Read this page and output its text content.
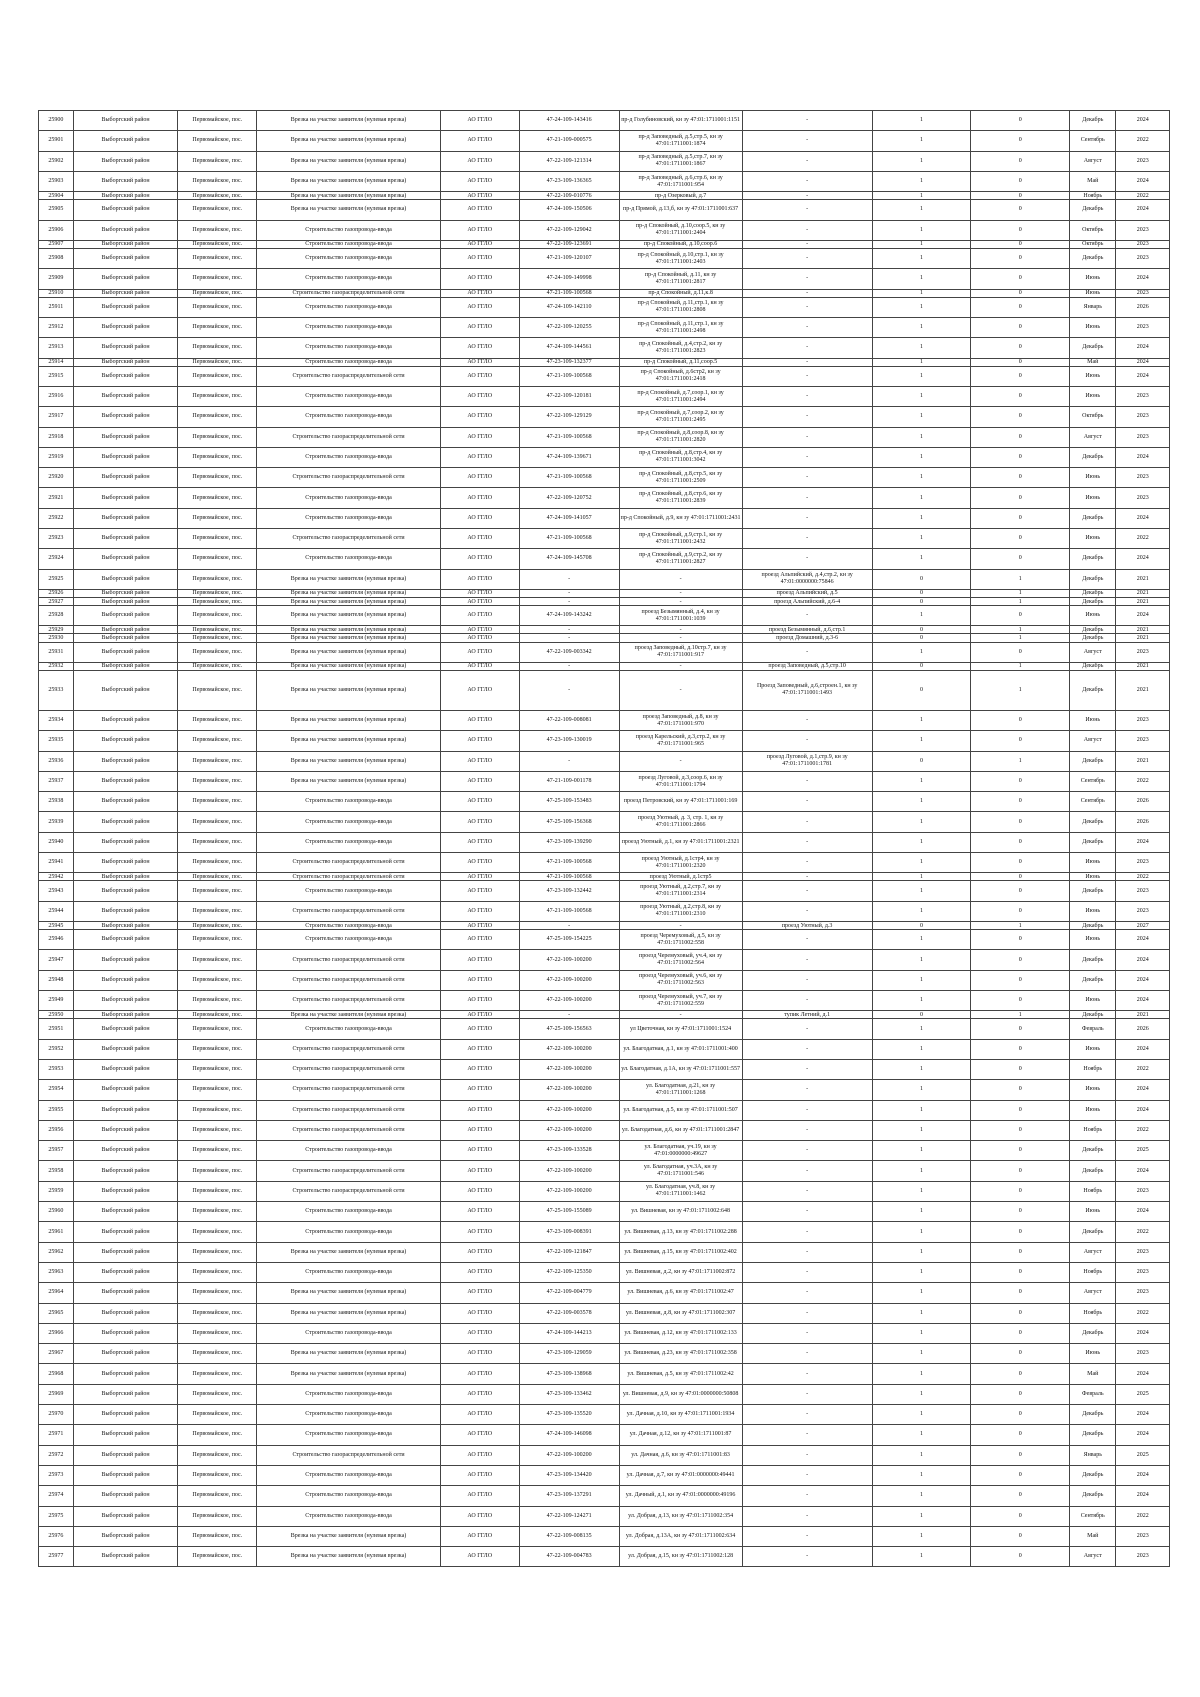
25900	Выборгский район	Первомайское, пос.	Врезка на участке заявителя (нулевая врезка)	АО ГГЛО	47-24-109-143416	пр-д Голубиновский, кн зу 47:01:1711001:1151	-	1	0	Декабрь	2024
25901	Выборгский район	Первомайское, пос.	Врезка на участке заявителя (нулевая врезка)	АО ГГЛО	47-21-109-000575	пр-д Заповедный, д.5,стр.5, кн зу 47:01:1711001:1874	-	1	0	Сентябрь	2022
25902	Выборгский район	Первомайское, пос.	Врезка на участке заявителя (нулевая врезка)	АО ГГЛО	47-22-109-121314	пр-д Заповедный, д.5,стр.7, кн зу 47:01:1711001:1867	-	1	0	Август	2023
25903	Выборгский район	Первомайское, пос.	Врезка на участке заявителя (нулевая врезка)	АО ГГЛО	47-23-109-136365	пр-д Заповедный, д.6,стр.6, кн зу 47:01:1711001:954	-	1	0	Май	2024
25904	Выборгский район	Первомайское, пос.	Врезка на участке заявителя (нулевая врезка)	АО ГГЛО	47-22-109-010776	пр-д Озерковый, д.7	-	1	0	Ноябрь	2022
25905	Выборгский район	Первомайское, пос.	Врезка на участке заявителя (нулевая врезка)	АО ГГЛО	47-24-109-150506	пр-д Прямой, д.13,б, кн зу 47:01:1711001:637	-	1	0	Декабрь	2024
25906	Выборгский район	Первомайское, пос.	Строительство газопровода-ввода	АО ГГЛО	47-22-109-129042	пр-д Спокойный, д.10,соор.5, кн зу 47:01:1711001:2404	-	1	0	Октябрь	2023
25907	Выборгский район	Первомайское, пос.	Строительство газопровода-ввода	АО ГГЛО	47-22-109-123691	пр-д Спокойный, д.10,соор.6	-	1	0	Октябрь	2023
25908	Выборгский район	Первомайское, пос.	Строительство газопровода-ввода	АО ГГЛО	47-21-109-120107	пр-д Спокойный, д.10,стр.1, кн зу 47:01:1711001:2403	-	1	0	Декабрь	2023
25909	Выборгский район	Первомайское, пос.	Строительство газопровода-ввода	АО ГГЛО	47-24-109-149998	пр-д Спокойный, д.11, кн зу 47:01:1711001:2817	-	1	0	Июнь	2024
25910	Выборгский район	Первомайское, пос.	Строительство газораспределительной сети	АО ГГЛО	47-21-109-100568	пр-д Спокойный, д.11,к.8	-	1	0	Июнь	2023
25911	Выборгский район	Первомайское, пос.	Строительство газопровода-ввода	АО ГГЛО	47-24-109-142110	пр-д Спокойный, д.11,стр.1, кн зу 47:01:1711001:2808	-	1	0	Январь	2026
25912	Выборгский район	Первомайское, пос.	Строительство газопровода-ввода	АО ГГЛО	47-22-109-120255	пр-д Спокойный, д.11,стр.1, кн зу 47:01:1711001:2498	-	1	0	Июнь	2023
25913	Выборгский район	Первомайское, пос.	Строительство газопровода-ввода	АО ГГЛО	47-24-109-144561	пр-д Спокойный, д.4,стр.2, кн зу 47:01:1711001:2823	-	1	0	Декабрь	2024
25914	Выборгский район	Первомайское, пос.	Строительство газопровода-ввода	АО ГГЛО	47-23-109-132377	пр-д Спокойный, д.11,соор.5	-	1	0	Май	2024
25915	Выборгский район	Первомайское, пос.	Строительство газораспределительной сети	АО ГГЛО	47-21-109-100568	пр-д Спокойный, д.6стр2, кн зу 47:01:1711001:2418	-	1	0	Июнь	2024
25916	Выборгский район	Первомайское, пос.	Строительство газопровода-ввода	АО ГГЛО	47-22-109-120181	пр-д Спокойный, д.7,соор.1, кн зу 47:01:1711001:2494	-	1	0	Июнь	2023
25917	Выборгский район	Первомайское, пос.	Строительство газопровода-ввода	АО ГГЛО	47-22-109-129129	пр-д Спокойный, д.7,соор.2, кн зу 47:01:1711001:2495	-	1	0	Октябрь	2023
25918	Выборгский район	Первомайское, пос.	Строительство газораспределительной сети	АО ГГЛО	47-21-109-100568	пр-д Спокойный, д.8,соор.8, кн зу 47:01:1711001:2820	-	1	0	Август	2023
25919	Выборгский район	Первомайское, пос.	Строительство газопровода-ввода	АО ГГЛО	47-24-109-139671	пр-д Спокойный, д.8,стр.4, кн зу 47:01:1711001:3042	-	1	0	Декабрь	2024
25920	Выборгский район	Первомайское, пос.	Строительство газораспределительной сети	АО ГГЛО	47-21-109-100568	пр-д Спокойный, д.8,стр.5, кн зу 47:01:1711001:2509	-	1	0	Июнь	2023
25921	Выборгский район	Первомайское, пос.	Строительство газопровода-ввода	АО ГГЛО	47-22-109-120752	пр-д Спокойный, д.8,стр.6, кн зу 47:01:1711001:2839	-	1	0	Июнь	2023
25922	Выборгский район	Первомайское, пос.	Строительство газопровода-ввода	АО ГГЛО	47-24-109-141057	пр-д Спокойный, д.9, кн зу 47:01:1711001:2431	-	1	0	Декабрь	2024
25923	Выборгский район	Первомайское, пос.	Строительство газораспределительной сети	АО ГГЛО	47-21-109-100568	пр-д Спокойный, д.9,стр.1, кн зу 47:01:1711001:2432	-	1	0	Июнь	2022
25924	Выборгский район	Первомайское, пос.	Строительство газопровода-ввода	АО ГГЛО	47-24-109-145708	пр-д Спокойный, д.9,стр.2, кн зу 47:01:1711001:2827	-	1	0	Декабрь	2024
25925	Выборгский район	Первомайское, пос.	Врезка на участке заявителя (нулевая врезка)	АО ГГЛО	-	-	проезд Альпийский, д.4,стр.2, кн зу 47:01:0000000:75846	0	1	Декабрь	2021
25926	Выборгский район	Первомайское, пос.	Врезка на участке заявителя (нулевая врезка)	АО ГГЛО	-	-	проезд Альпийский, д.5	0	1	Декабрь	2021
25927	Выборгский район	Первомайское, пос.	Врезка на участке заявителя (нулевая врезка)	АО ГГЛО	-	-	проезд Альпийский, д.6-4	0	1	Декабрь	2021
25928	Выборгский район	Первомайское, пос.	Врезка на участке заявителя (нулевая врезка)	АО ГГЛО	47-24-109-143242	проезд Безымянный, д.4, кн зу 47:01:1711001:1039	-	1	0	Июнь	2024
25929	Выборгский район	Первомайское, пос.	Врезка на участке заявителя (нулевая врезка)	АО ГГЛО	-	-	проезд Безымянный, д.6,стр.1	0	1	Декабрь	2021
25930	Выборгский район	Первомайское, пос.	Врезка на участке заявителя (нулевая врезка)	АО ГГЛО	-	-	проезд Домашний, д.3-6	0	1	Декабрь	2021
25931	Выборгский район	Первомайское, пос.	Врезка на участке заявителя (нулевая врезка)	АО ГГЛО	47-22-109-003342	проезд Заповедный, д.10стр.7, кн зу 47:01:1711001:917	-	1	0	Август	2023
25932	Выборгский район	Первомайское, пос.	Врезка на участке заявителя (нулевая врезка)	АО ГГЛО	-	-	проезд Заповедный, д.5,стр.10	0	1	Декабрь	2021
25933	Выборгский район	Первомайское, пос.	Врезка на участке заявителя (нулевая врезка)	АО ГГЛО	-	-	Проезд Заповедный, д.6,строен.1, кн зу 47:01:1711001:1493	0	1	Декабрь	2021
25934	Выборгский район	Первомайское, пос.	Врезка на участке заявителя (нулевая врезка)	АО ГГЛО	47-22-109-008081	проезд Заповедный, д.8, кн зу 47:01:1711001:970	-	1	0	Июнь	2023
25935	Выборгский район	Первомайское, пос.	Врезка на участке заявителя (нулевая врезка)	АО ГГЛО	47-23-109-130019	проезд Карельский, д.3,стр.2, кн зу 47:01:1711001:965	-	1	0	Август	2023
25936	Выборгский район	Первомайское, пос.	Врезка на участке заявителя (нулевая врезка)	АО ГГЛО	-	-	проезд Луговой, д.1,стр.9, кн зу 47:01:1711001:1781	0	1	Декабрь	2021
25937	Выборгский район	Первомайское, пос.	Врезка на участке заявителя (нулевая врезка)	АО ГГЛО	47-21-109-001178	проезд Луговой, д.3,соор.6, кн зу 47:01:1711001:1794	-	1	0	Сентябрь	2022
25938	Выборгский район	Первомайское, пос.	Строительство газопровода-ввода	АО ГГЛО	47-25-109-153483	проезд Петровский, кн зу 47:01:1711001:169	-	1	0	Сентябрь	2026
25939	Выборгский район	Первомайское, пос.	Строительство газопровода-ввода	АО ГГЛО	47-25-109-156368	проезд Уютный, д. 3, стр. 1, кн зу 47:01:1711001:2866	-	1	0	Декабрь	2026
25940	Выборгский район	Первомайское, пос.	Строительство газопровода-ввода	АО ГГЛО	47-23-109-139290	проезд Уютный, д.1, кн зу 47:01:1711001:2321	-	1	0	Декабрь	2024
25941	Выборгский район	Первомайское, пос.	Строительство газораспределительной сети	АО ГГЛО	47-21-109-100568	проезд Уютный, д.1стр4, кн зу 47:01:1711001:2320	-	1	0	Июнь	2023
25942	Выборгский район	Первомайское, пос.	Строительство газораспределительной сети	АО ГГЛО	47-21-109-100568	проезд Уютный, д.1стр5	-	1	0	Июнь	2022
25943	Выборгский район	Первомайское, пос.	Строительство газопровода-ввода	АО ГГЛО	47-23-109-132442	проезд Уютный, д.2,стр.7, кн зу 47:01:1711001:2314	-	1	0	Декабрь	2023
25944	Выборгский район	Первомайское, пос.	Строительство газораспределительной сети	АО ГГЛО	47-21-109-100568	проезд Уютный, д.2,стр.8, кн зу 47:01:1711001:2310	-	1	0	Июнь	2023
25945	Выборгский район	Первомайское, пос.	Строительство газопровода-ввода	АО ГГЛО	-	-	проезд Уютный, д.3	0	1	Декабрь	2027
25946	Выборгский район	Первомайское, пос.	Строительство газопровода-ввода	АО ГГЛО	47-25-109-154225	проезд Черемуховый, д.5, кн зу 47:01:1711002:558	-	1	0	Июнь	2024
25947	Выборгский район	Первомайское, пос.	Строительство газораспределительной сети	АО ГГЛО	47-22-109-100200	проезд Черемуховый, уч.4, кн зу 47:01:1711002:564	-	1	0	Декабрь	2024
25948	Выборгский район	Первомайское, пос.	Строительство газораспределительной сети	АО ГГЛО	47-22-109-100200	проезд Черемуховый, уч.6, кн зу 47:01:1711002:563	-	1	0	Декабрь	2024
25949	Выборгский район	Первомайское, пос.	Строительство газораспределительной сети	АО ГГЛО	47-22-109-100200	проезд Черемуховый, уч.7, кн зу 47:01:1711002:559	-	1	0	Июнь	2024
25950	Выборгский район	Первомайское, пос.	Врезка на участке заявителя (нулевая врезка)	АО ГГЛО	-	-	тупик Летний, д.1	0	1	Декабрь	2021
25951	Выборгский район	Первомайское, пос.	Строительство газопровода-ввода	АО ГГЛО	47-25-109-156563	ул Цветочная, кн зу 47:01:1711001:1524	-	1	0	Февраль	2026
25952	Выборгский район	Первомайское, пос.	Строительство газораспределительной сети	АО ГГЛО	47-22-109-100200	ул. Благодатная, д.1, кн зу 47:01:1711001:400	-	1	0	Июнь	2024
25953	Выборгский район	Первомайское, пос.	Строительство газораспределительной сети	АО ГГЛО	47-22-109-100200	ул. Благодатная, д.1А, кн зу 47:01:1711001:557	-	1	0	Ноябрь	2022
25954	Выборгский район	Первомайское, пос.	Строительство газораспределительной сети	АО ГГЛО	47-22-109-100200	ул. Благодатная, д.21, кн зу 47:01:1711001:1268	-	1	0	Июнь	2024
25955	Выборгский район	Первомайское, пос.	Строительство газораспределительной сети	АО ГГЛО	47-22-109-100200	ул. Благодатная, д.5, кн зу 47:01:1711001:507	-	1	0	Июнь	2024
25956	Выборгский район	Первомайское, пос.	Строительство газораспределительной сети	АО ГГЛО	47-22-109-100200	ул. Благодатная, д.6, кн зу 47:01:1711001:2847	-	1	0	Ноябрь	2022
25957	Выборгский район	Первомайское, пос.	Строительство газопровода-ввода	АО ГГЛО	47-23-109-133528	ул. Благодатная, уч.19, кн зу 47:01:0000000:49627	-	1	0	Декабрь	2025
25958	Выборгский район	Первомайское, пос.	Строительство газораспределительной сети	АО ГГЛО	47-22-109-100200	ул. Благодатная, уч.3А, кн зу 47:01:1711001:546	-	1	0	Декабрь	2024
25959	Выборгский район	Первомайское, пос.	Строительство газораспределительной сети	АО ГГЛО	47-22-109-100200	ул. Благодатная, уч.8, кн зу 47:01:1711001:1462	-	1	0	Ноябрь	2023
25960	Выборгский район	Первомайское, пос.	Строительство газопровода-ввода	АО ГГЛО	47-25-109-155089	ул. Вишневая, кн зу 47:01:1711002:648	-	1	0	Июнь	2024
25961	Выборгский район	Первомайское, пос.	Строительство газопровода-ввода	АО ГГЛО	47-23-109-008391	ул. Вишневая, д.13, кн зу 47:01:1711002:288	-	1	0	Декабрь	2022
25962	Выборгский район	Первомайское, пос.	Врезка на участке заявителя (нулевая врезка)	АО ГГЛО	47-22-109-121847	ул. Вишневая, д.15, кн зу 47:01:1711002:402	-	1	0	Август	2023
25963	Выборгский район	Первомайское, пос.	Строительство газопровода-ввода	АО ГГЛО	47-22-109-125350	ул. Вишневая, д.2, кн зу 47:01:1711002:872	-	1	0	Ноябрь	2023
25964	Выборгский район	Первомайское, пос.	Врезка на участке заявителя (нулевая врезка)	АО ГГЛО	47-22-109-004779	ул. Вишневая, д.6, кн зу 47:01:1711002:47	-	1	0	Август	2023
25965	Выборгский район	Первомайское, пос.	Врезка на участке заявителя (нулевая врезка)	АО ГГЛО	47-22-109-003578	ул. Вишневая, д.8, кн зу 47:01:1711002:307	-	1	0	Ноябрь	2022
25966	Выборгский район	Первомайское, пос.	Строительство газопровода-ввода	АО ГГЛО	47-24-109-144213	ул. Вишневая, д.12, кн зу 47:01:1711002:133	-	1	0	Декабрь	2024
25967	Выборгский район	Первомайское, пос.	Врезка на участке заявителя (нулевая врезка)	АО ГГЛО	47-23-109-129059	ул. Вишневая, д.23, кн зу 47:01:1711002:358	-	1	0	Июнь	2023
25968	Выборгский район	Первомайское, пос.	Врезка на участке заявителя (нулевая врезка)	АО ГГЛО	47-23-109-138968	ул. Вишневая, д.5, кн зу 47:01:1711002:42	-	1	0	Май	2024
25969	Выборгский район	Первомайское, пос.	Строительство газопровода-ввода	АО ГГЛО	47-23-109-133462	ул. Вишневая, д.9, кн зу 47:01:0000000:50808	-	1	0	Февраль	2025
25970	Выборгский район	Первомайское, пос.	Строительство газопровода-ввода	АО ГГЛО	47-23-109-135520	ул. Дачная, д.10, кн зу 47:01:1711001:1934	-	1	0	Декабрь	2024
25971	Выборгский район	Первомайское, пос.	Строительство газопровода-ввода	АО ГГЛО	47-24-109-146098	ул. Дачная, д.12, кн зу 47:01:1711001:87	-	1	0	Декабрь	2024
25972	Выборгский район	Первомайское, пос.	Строительство газораспределительной сети	АО ГГЛО	47-22-109-100200	ул. Дачная, д.6, кн зу 47:01:1711001:83	-	1	0	Январь	2025
25973	Выборгский район	Первомайское, пос.	Строительство газопровода-ввода	АО ГГЛО	47-23-109-134420	ул. Дачная, д.7, кн зу 47:01:0000000:49441	-	1	0	Декабрь	2024
25974	Выборгский район	Первомайское, пос.	Строительство газопровода-ввода	АО ГГЛО	47-23-109-137291	ул. Дачный, д.1, кн зу 47:01:0000000:49196	-	1	0	Декабрь	2024
25975	Выборгский район	Первомайское, пос.	Строительство газопровода-ввода	АО ГГЛО	47-22-109-124271	ул. Добрая, д.13, кн зу 47:01:1711002:354	-	1	0	Сентябрь	2022
25976	Выборгский район	Первомайское, пос.	Врезка на участке заявителя (нулевая врезка)	АО ГГЛО	47-22-109-008135	ул. Добрая, д.13А, кн зу 47:01:1711002:634	-	1	0	Май	2023
25977	Выборгский район	Первомайское, пос.	Врезка на участке заявителя (нулевая врезка)	АО ГГЛО	47-22-109-004783	ул. Добрая, д.15, кн зу 47:01:1711002:128	-	1	0	Август	2023
